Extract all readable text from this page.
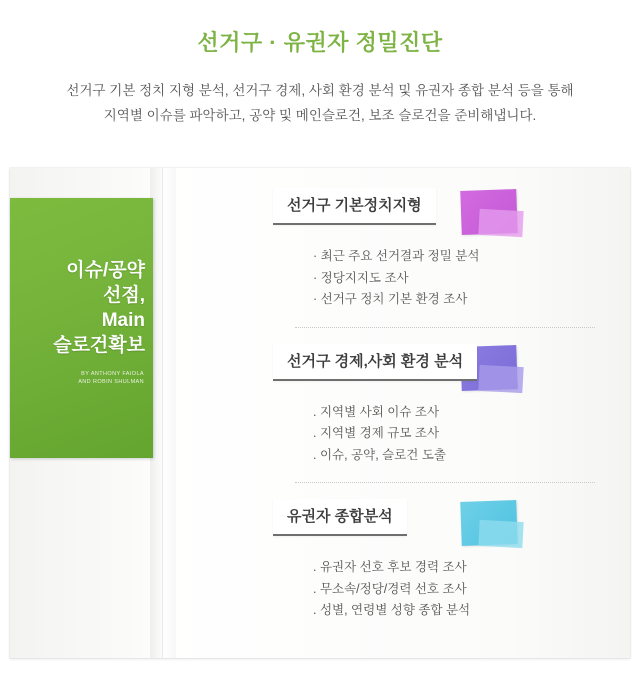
선거구 · 유권자 정밀진단
선거구 기본 정치 지형 분석, 선거구 경제, 사회 환경 분석 및 유권자 종합 분석 등을 통해
지역별 이슈를 파악하고, 공약 및 메인슬로건, 보조 슬로건을 준비해냅니다.
이슈/공약
선점,
Main
슬로건확보
BY ANTHONY FAIOLA
AND ROBIN SHULMAN
선거구 기본정치지형
· 최근 주요 선거결과 정밀 분석
· 정당지지도 조사
· 선거구 정치 기본 환경 조사
선거구 경제,사회 환경 분석
. 지역별 사회 이슈 조사
. 지역별 경제 규모 조사
. 이슈, 공약, 슬로건 도출
유권자 종합분석
. 유권자 선호 후보 경력 조사
. 무소속/정당/경력 선호 조사
. 성별, 연령별 성향 종합 분석
